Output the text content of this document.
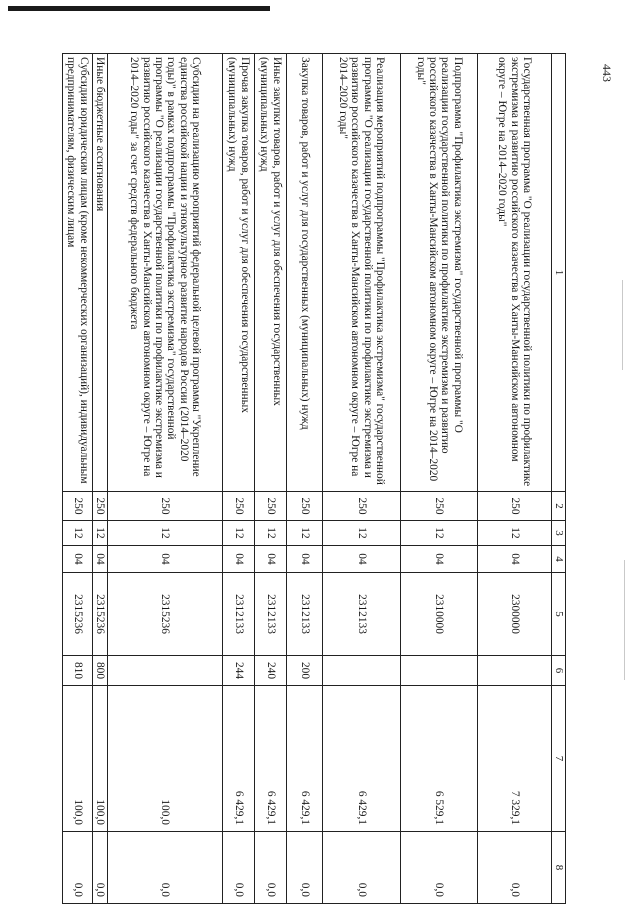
443
1	2	3	4	5	6	7	8
Государственная программа "О реализации государственной политики по профилактике экстремизма и развитию российского казачества в Ханты-Мансийском автономном округе – Югре на 2014–2020 годы"	250	12	04	2300000		7 329,1	0,0
Подпрограмма "Профилактика экстремизма" государственной программы "О реализации государственной политики по профилактике экстремизма и развитию российского казачества в Ханты-Мансийском автономном округе – Югре на 2014–2020 годы"	250	12	04	2310000		6 529,1	0,0
Реализация мероприятий подпрограммы "Профилактика экстремизма" государственной программы "О реализации государственной политики по профилактике экстремизма и развитию российского казачества в Ханты-Мансийском автономном округе – Югре на 2014–2020 годы"	250	12	04	2312133		6 429,1	0,0
Закупка товаров, работ и услуг для государственных (муниципальных) нужд	250	12	04	2312133	200	6 429,1	0,0
Иные закупки товаров, работ и услуг для обеспечения государственных (муниципальных) нужд	250	12	04	2312133	240	6 429,1	0,0
Прочая закупка товаров, работ и услуг для обеспечения государственных (муниципальных) нужд	250	12	04	2312133	244	6 429,1	0,0
Субсидии на реализацию мероприятий федеральной целевой программы "Укрепление единства российской нации и этнокультурное развитие народов России (2014–2020 годы)" в рамках подпрограммы "Профилактика экстремизма" государственной программы "О реализации государственной политики по профилактике экстремизма и развитию российского казачества в Ханты-Мансийском автономном округе – Югре на 2014–2020 годы" за счет средств федерального бюджета	250	12	04	2315236		100,0	0,0
Иные бюджетные ассигнования	250	12	04	2315236	800	100,0	0,0
Субсидии юридическим лицам (кроме некоммерческих организаций), индивидуальным предпринимателям, физическим лицам	250	12	04	2315236	810	100,0	0,0
